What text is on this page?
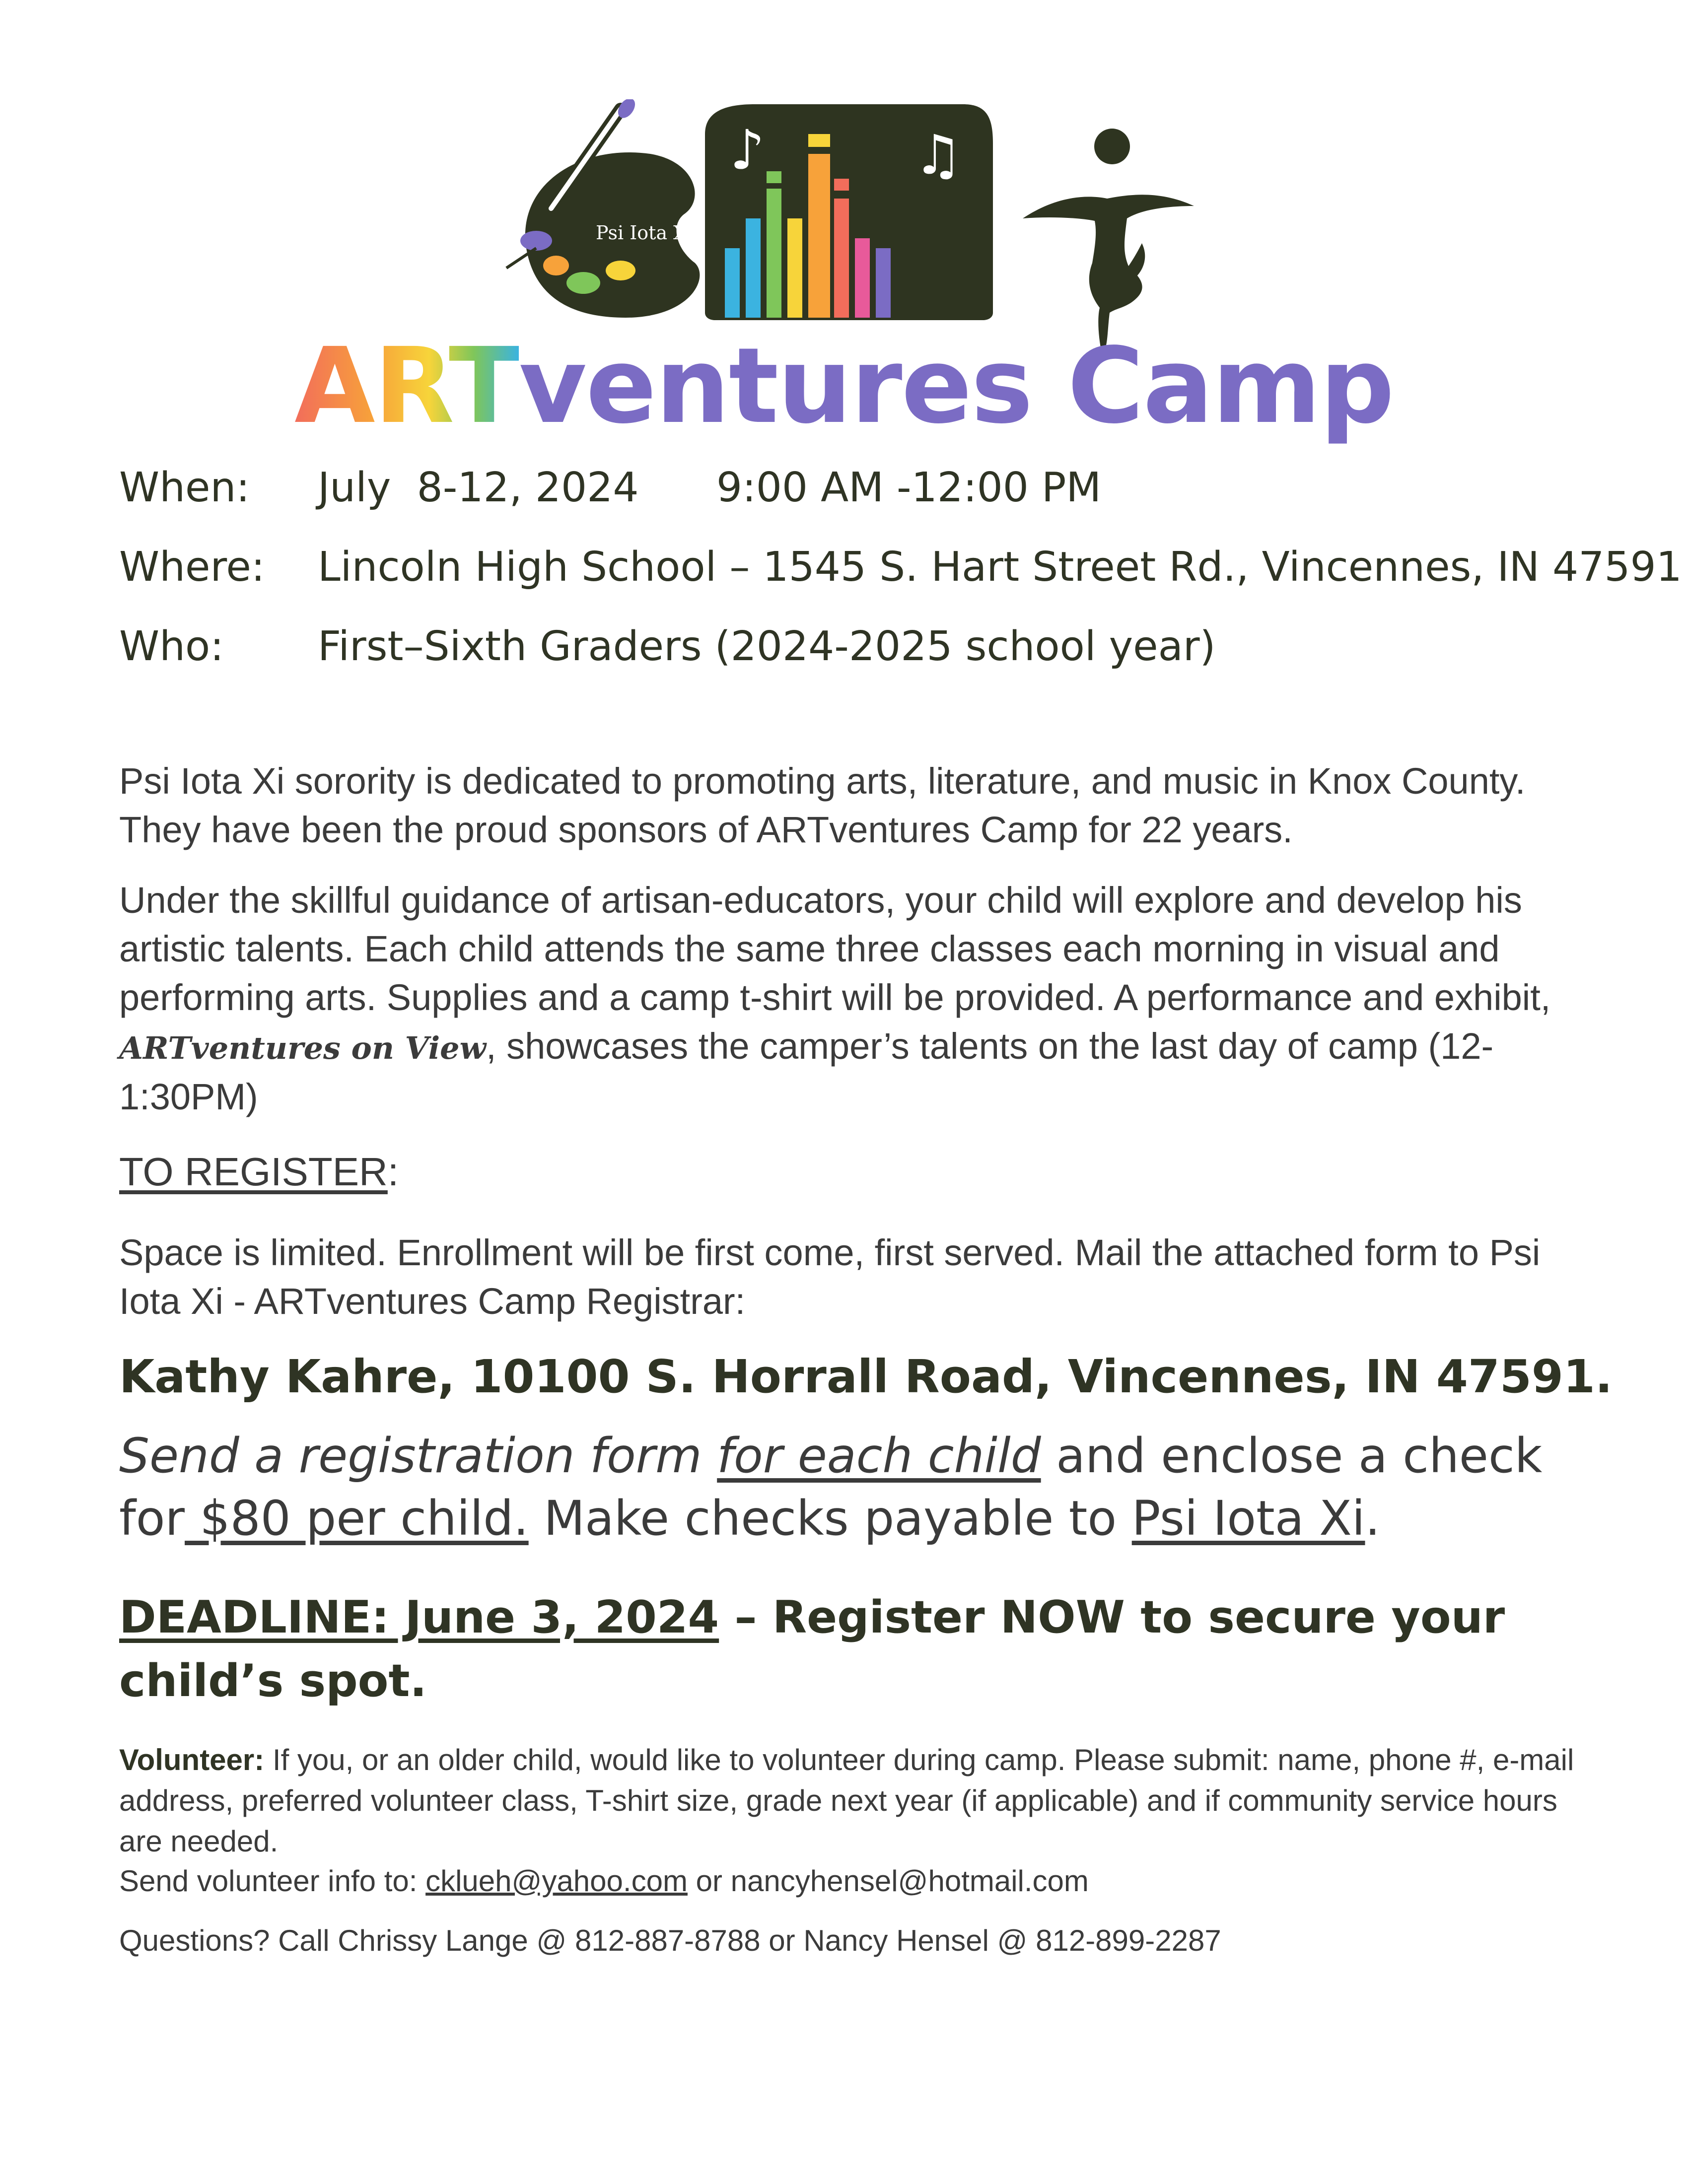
Psi Iota Xi
♪	♫
ARTventures Camp
When: July  8-12, 2024      9:00 AM -12:00 PM
Where: Lincoln High School – 1545 S. Hart Street Rd., Vincennes, IN 47591
Who: First–Sixth Graders (2024-2025 school year)
Psi Iota Xi sorority is dedicated to promoting arts, literature, and music in Knox County. They have been the proud sponsors of ARTventures Camp for 22 years.
Under the skillful guidance of artisan-educators, your child will explore and develop his artistic talents. Each child attends the same three classes each morning in visual and performing arts. Supplies and a camp t-shirt will be provided. A performance and exhibit, ARTventures on View, showcases the camper’s talents on the last day of camp (12-1:30PM)
TO REGISTER:
Space is limited. Enrollment will be first come, first served. Mail the attached form to Psi Iota Xi - ARTventures Camp Registrar:
Kathy Kahre, 10100 S. Horrall Road, Vincennes, IN 47591.
Send a registration form for each child and enclose a check for $80 per child. Make checks payable to Psi Iota Xi.
DEADLINE: June 3, 2024 – Register NOW to secure your child’s spot.
Volunteer: If you, or an older child, would like to volunteer during camp. Please submit: name, phone #, e-mail address, preferred volunteer class, T-shirt size, grade next year (if applicable) and if community service hours are needed.
Send volunteer info to: cklueh@yahoo.com or nancyhensel@hotmail.com
Questions? Call Chrissy Lange @ 812-887-8788 or Nancy Hensel @ 812-899-2287
